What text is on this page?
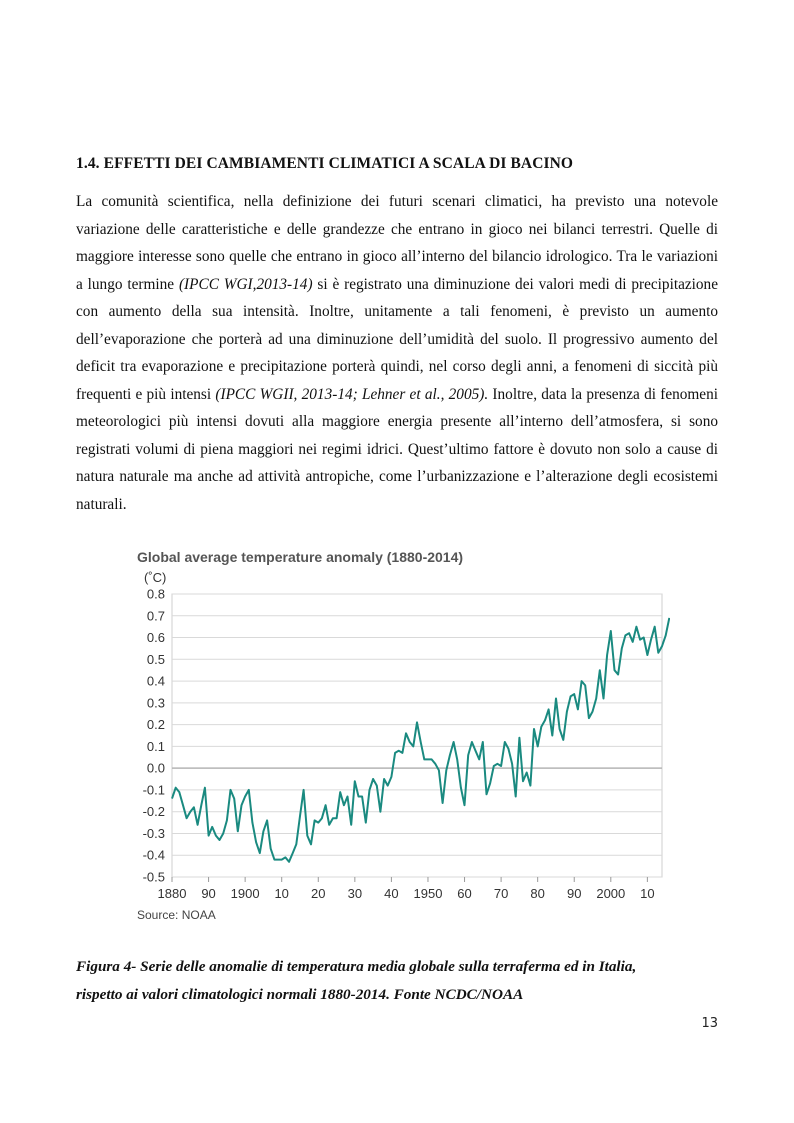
1.4. EFFETTI DEI CAMBIAMENTI CLIMATICI A SCALA DI BACINO

La comunità scientifica, nella definizione dei futuri scenari climatici, ha previsto una notevole variazione delle caratteristiche e delle grandezze che entrano in gioco nei bilanci terrestri. Quelle di maggiore interesse sono quelle che entrano in gioco all’interno del bilancio idrologico. Tra le variazioni a lungo termine (IPCC WGI,2013-14) si è registrato una diminuzione dei valori medi di precipitazione con aumento della sua intensità. Inoltre, unitamente a tali fenomeni, è previsto un aumento dell’evaporazione che porterà ad una diminuzione dell’umidità del suolo. Il progressivo aumento del deficit tra evaporazione e precipitazione porterà quindi, nel corso degli anni, a fenomeni di siccità più frequenti e più intensi (IPCC WGII, 2013-14; Lehner et al., 2005). Inoltre, data la presenza di fenomeni meteorologici più intensi dovuti alla maggiore energia presente all’interno dell’atmosfera, si sono registrati volumi di piena maggiori nei regimi idrici. Quest’ultimo fattore è dovuto non solo a cause di natura naturale ma anche ad attività antropiche, come l’urbanizzazione e l’alterazione degli ecosistemi naturali.

Global average temperature anomaly (1880-2014)
(˚C)
0.8
0.7
0.6
0.5
0.4
0.3
0.2
0.1
0.0
-0.1
-0.2
-0.3
-0.4
-0.5
1880 90 1900 10 20 30 40 1950 60 70 80 90 2000 10
Source: NOAA
Figura 4- Serie delle anomalie di temperatura media globale sulla terraferma ed in Italia,
rispetto ai valori climatologici normali 1880-2014. Fonte NCDC/NOAA
13
